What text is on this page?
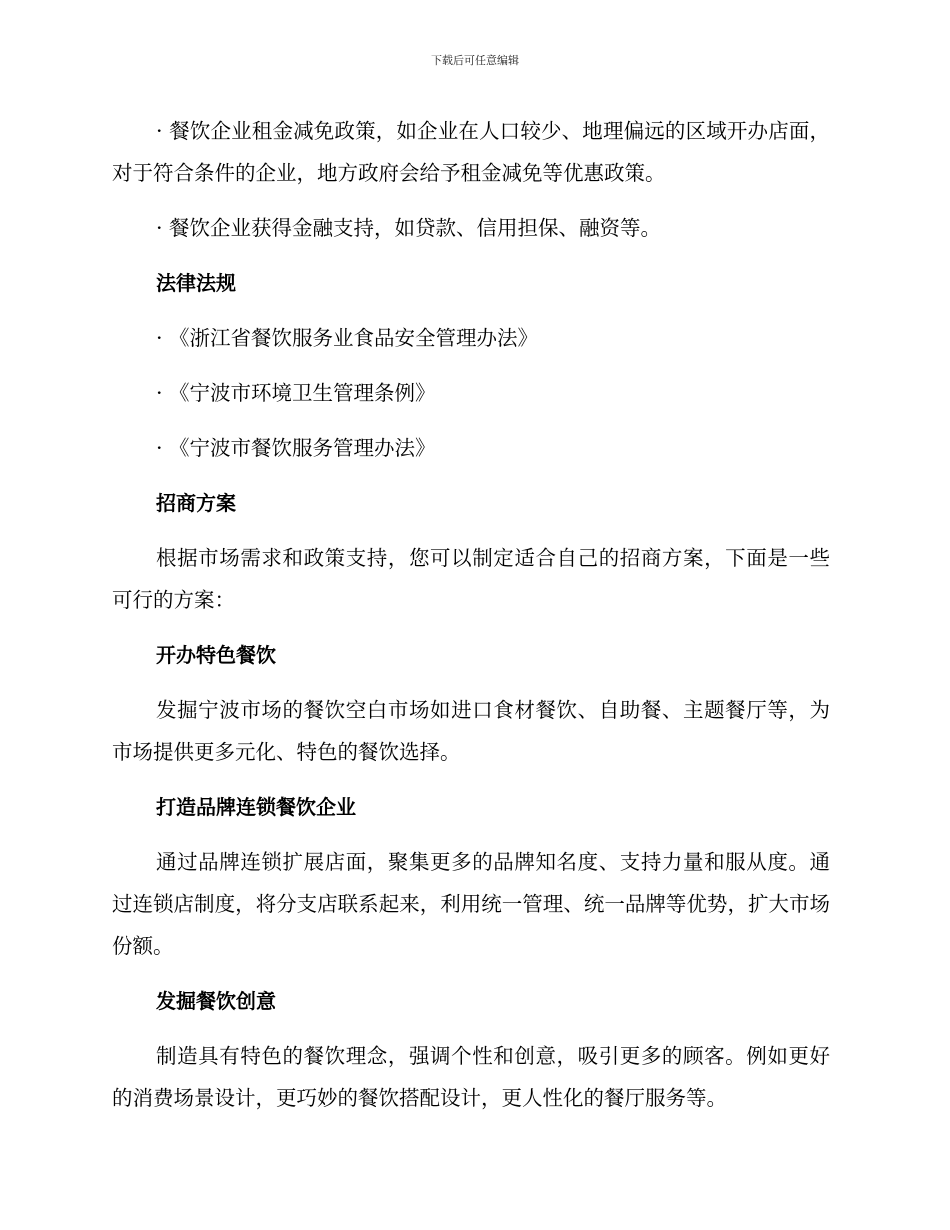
下载后可任意编辑

· 餐饮企业租金减免政策，如企业在人口较少、地理偏远的区域开办店面，对于符合条件的企业，地方政府会给予租金减免等优惠政策。

· 餐饮企业获得金融支持，如贷款、信用担保、融资等。

法律法规

· 《浙江省餐饮服务业食品安全管理办法》

· 《宁波市环境卫生管理条例》

· 《宁波市餐饮服务管理办法》

招商方案

根据市场需求和政策支持，您可以制定适合自己的招商方案，下面是一些可行的方案：

开办特色餐饮

发掘宁波市场的餐饮空白市场如进口食材餐饮、自助餐、主题餐厅等，为市场提供更多元化、特色的餐饮选择。

打造品牌连锁餐饮企业

通过品牌连锁扩展店面，聚集更多的品牌知名度、支持力量和服从度。通过连锁店制度，将分支店联系起来，利用统一管理、统一品牌等优势，扩大市场份额。

发掘餐饮创意

制造具有特色的餐饮理念，强调个性和创意，吸引更多的顾客。例如更好的消费场景设计，更巧妙的餐饮搭配设计，更人性化的餐厅服务等。
